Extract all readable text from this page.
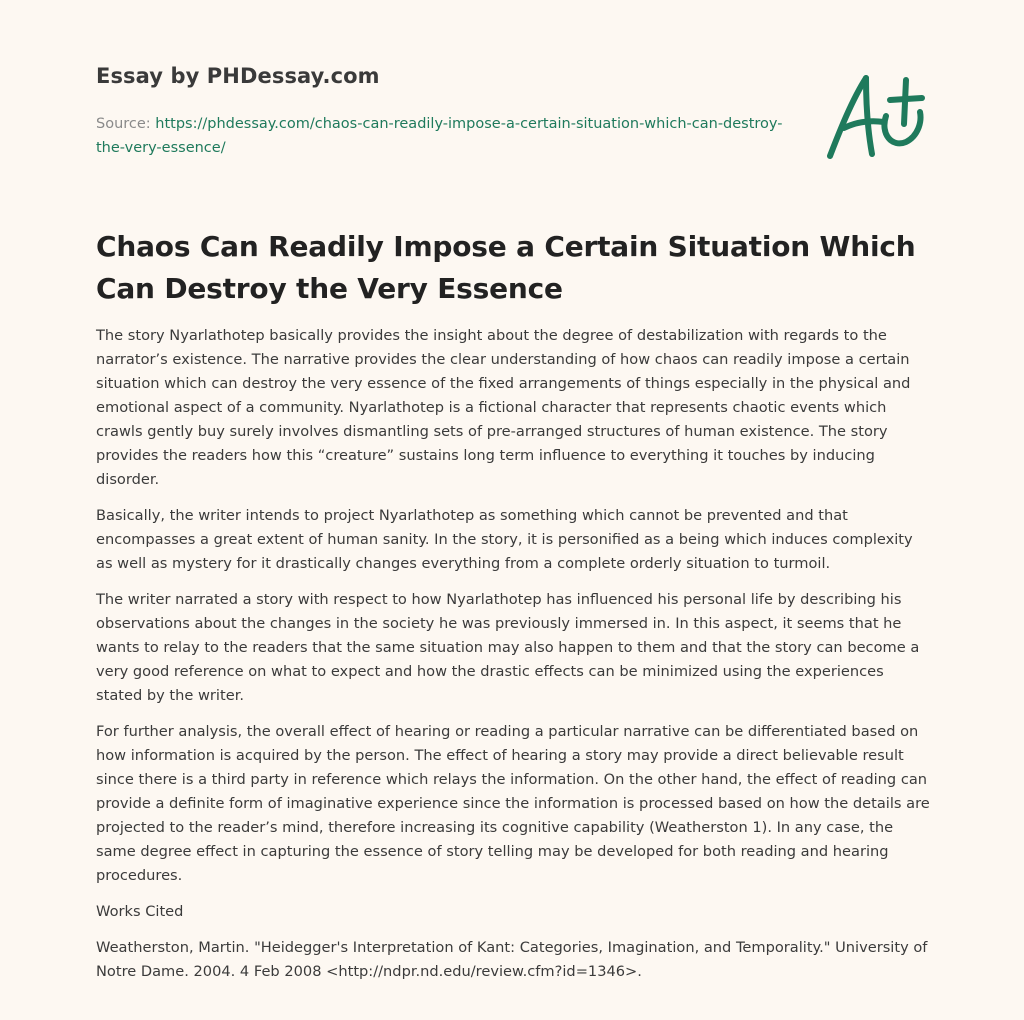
Essay by PHDessay.com
Source: https://phdessay.com/chaos-can-readily-impose-a-certain-situation-which-can-destroy-the-very-essence/
Chaos Can Readily Impose a Certain Situation Which Can Destroy the Very Essence

The story Nyarlathotep basically provides the insight about the degree of destabilization with regards to the narrator’s existence. The narrative provides the clear understanding of how chaos can readily impose a certain situation which can destroy the very essence of the fixed arrangements of things especially in the physical and emotional aspect of a community. Nyarlathotep is a fictional character that represents chaotic events which crawls gently buy surely involves dismantling sets of pre-arranged structures of human existence. The story provides the readers how this “creature” sustains long term influence to everything it touches by inducing disorder.

Basically, the writer intends to project Nyarlathotep as something which cannot be prevented and that encompasses a great extent of human sanity. In the story, it is personified as a being which induces complexity as well as mystery for it drastically changes everything from a complete orderly situation to turmoil.

The writer narrated a story with respect to how Nyarlathotep has influenced his personal life by describing his observations about the changes in the society he was previously immersed in. In this aspect, it seems that he wants to relay to the readers that the same situation may also happen to them and that the story can become a very good reference on what to expect and how the drastic effects can be minimized using the experiences stated by the writer.

For further analysis, the overall effect of hearing or reading a particular narrative can be differentiated based on how information is acquired by the person. The effect of hearing a story may provide a direct believable result since there is a third party in reference which relays the information. On the other hand, the effect of reading can provide a definite form of imaginative experience since the information is processed based on how the details are projected to the reader’s mind, therefore increasing its cognitive capability (Weatherston 1). In any case, the same degree effect in capturing the essence of story telling may be developed for both reading and hearing procedures.

Works Cited

Weatherston, Martin. "Heidegger's Interpretation of Kant: Categories, Imagination, and Temporality." University of Notre Dame. 2004. 4 Feb 2008 <http://ndpr.nd.edu/review.cfm?id=1346>.
